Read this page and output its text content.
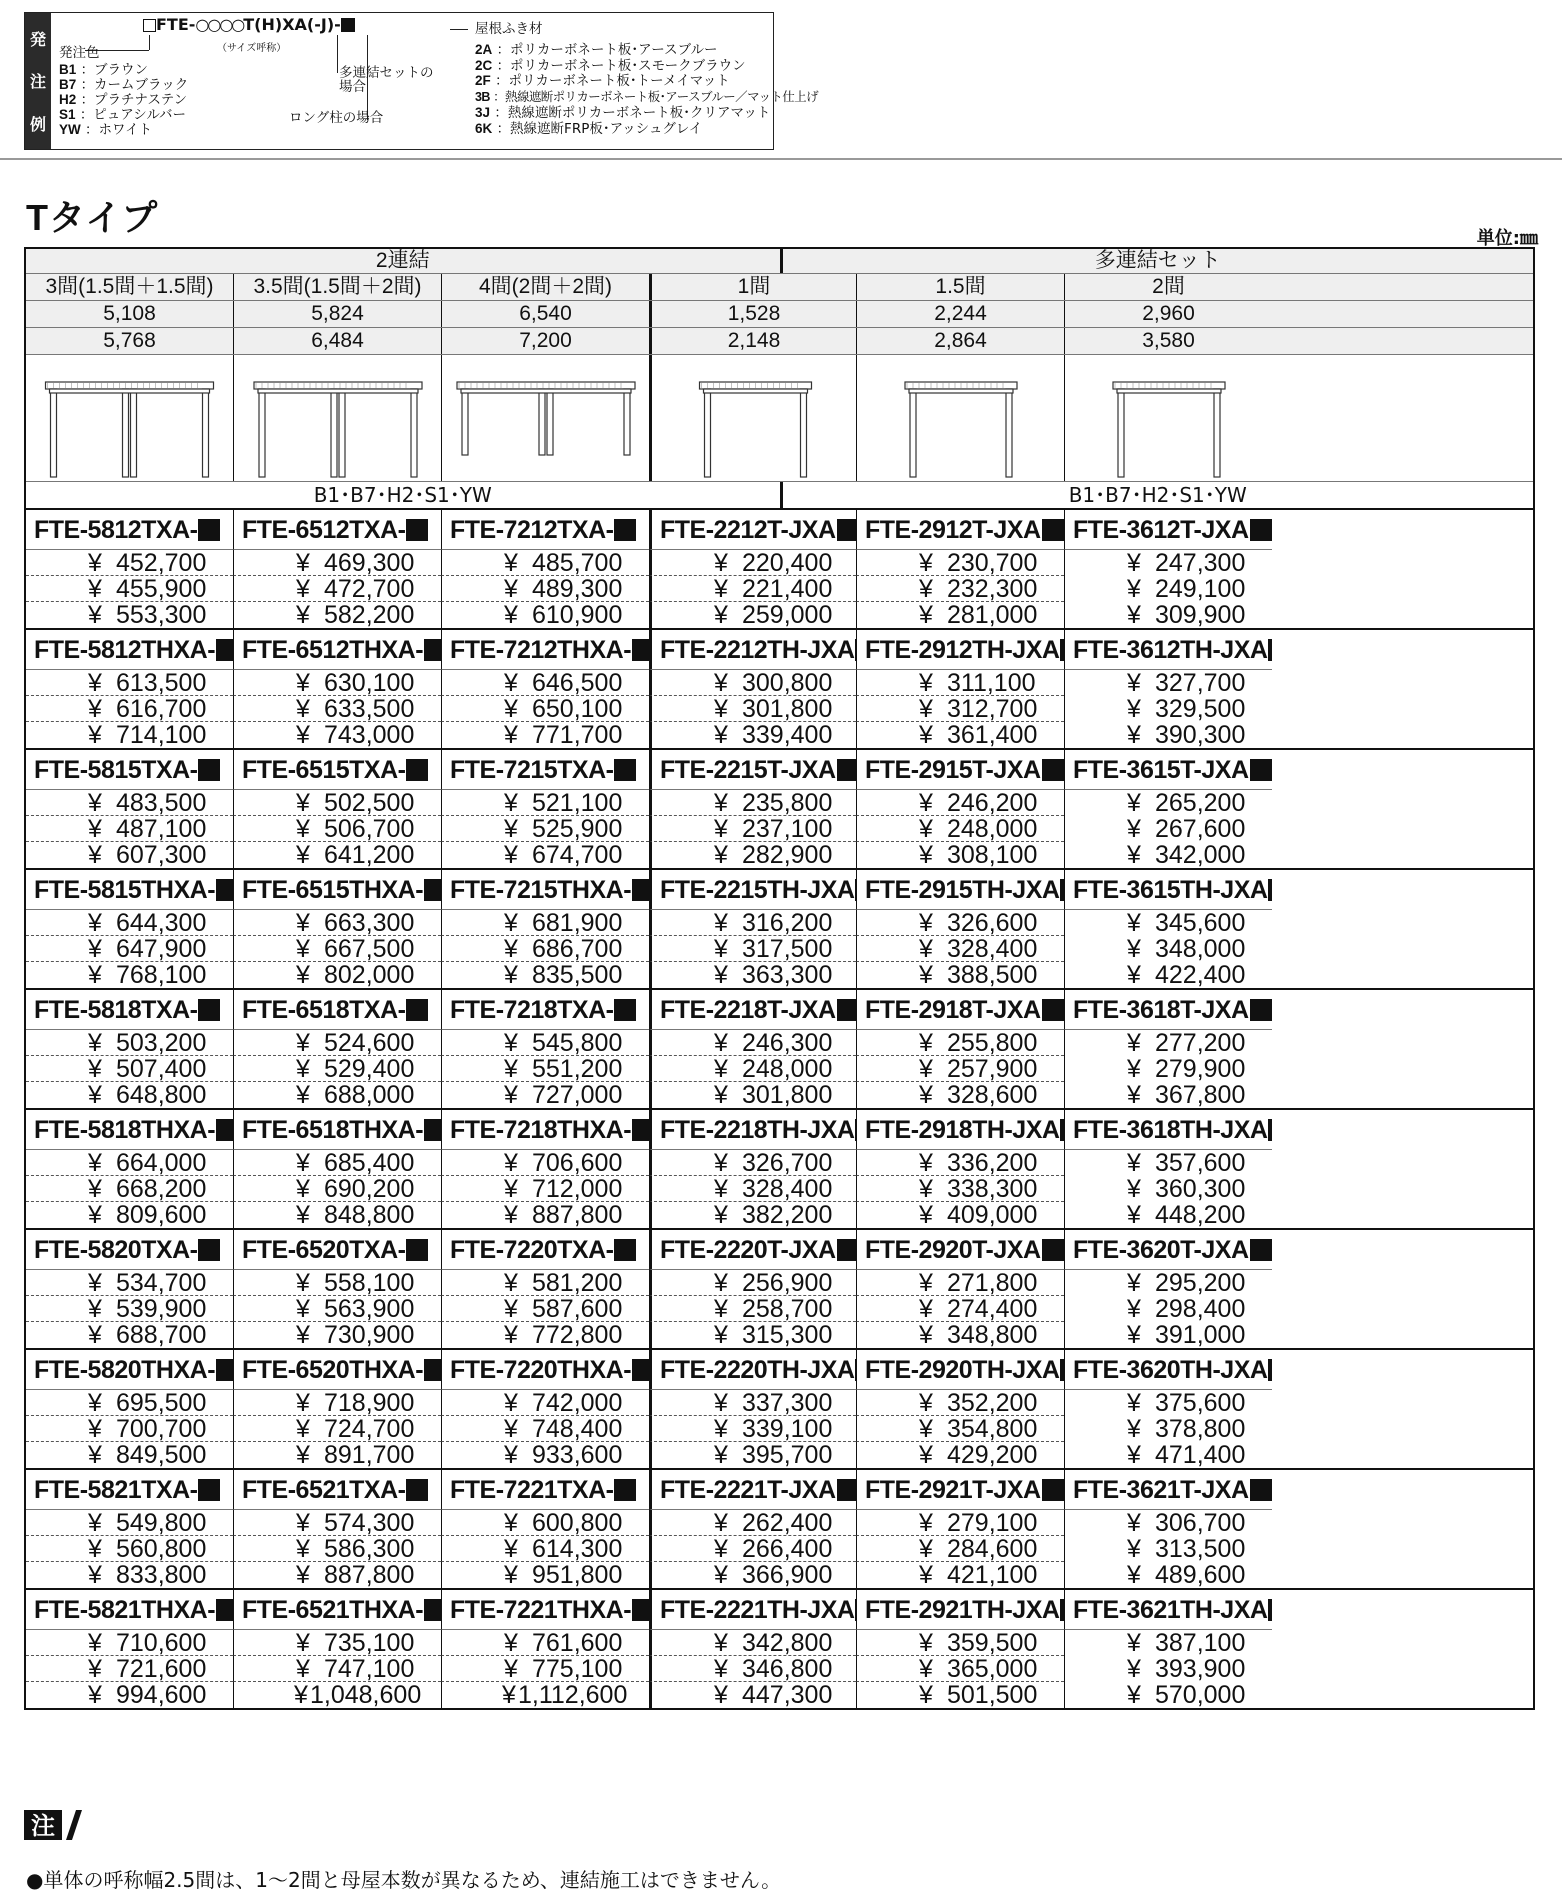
発
注
例
FTE-○○○○T(H)XA(-J)-
（サイズ呼称）
発注色
B1 ：ブラウン
B7 ：カームブラック
H2 ：プラチナステン
S1 ：ピュアシルバー
YW ：ホワイト
多連結セットの
場合
ロング柱の場合
屋根ふき材
2A ：ポリカーボネート板･アースブルー
2C ：ポリカーボネート板･スモークブラウン
2F ：ポリカーボネート板･トーメイマット
3B ：熱線遮断ポリカーボネート板･アースブルー／マット仕上げ
3J ：熱線遮断ポリカーボネート板･クリアマット
6K ：熱線遮断FRP板･アッシュグレイ
Tタイプ
単位:㎜
2連結	多連結セット
3間(1.5間＋1.5間)	3.5間(1.5間＋2間)	4間(2間＋2間)	1間	1.5間	2間
5,108	5,824	6,540	1,528	2,244	2,960
5,768	6,484	7,200	2,148	2,864	3,580
B1･B7･H2･S1･YW	B1･B7･H2･S1･YW
FTE-5812TXA-	FTE-6512TXA-	FTE-7212TXA-	FTE-2212T-JXA	FTE-2912T-JXA	FTE-3612T-JXA
¥ 452,700	¥ 469,300	¥ 485,700	¥ 220,400	¥ 230,700	¥ 247,300
¥ 455,900	¥ 472,700	¥ 489,300	¥ 221,400	¥ 232,300	¥ 249,100
¥ 553,300	¥ 582,200	¥ 610,900	¥ 259,000	¥ 281,000	¥ 309,900
FTE-5812THXA-	FTE-6512THXA-	FTE-7212THXA-	FTE-2212TH-JXA FTE-2912TH-JXA FTE-3612TH-JXA
¥ 613,500	¥ 630,100	¥ 646,500	¥ 300,800	¥ 311,100	¥ 327,700
¥ 616,700	¥ 633,500	¥ 650,100	¥ 301,800	¥ 312,700	¥ 329,500
¥ 714,100	¥ 743,000	¥ 771,700	¥ 339,400	¥ 361,400	¥ 390,300
FTE-5815TXA-	FTE-6515TXA-	FTE-7215TXA-	FTE-2215T-JXA	FTE-2915T-JXA	FTE-3615T-JXA
¥ 483,500	¥ 502,500	¥ 521,100	¥ 235,800	¥ 246,200	¥ 265,200
¥ 487,100	¥ 506,700	¥ 525,900	¥ 237,100	¥ 248,000	¥ 267,600
¥ 607,300	¥ 641,200	¥ 674,700	¥ 282,900	¥ 308,100	¥ 342,000
FTE-5815THXA-	FTE-6515THXA-	FTE-7215THXA-	FTE-2215TH-JXA FTE-2915TH-JXA FTE-3615TH-JXA
¥ 644,300	¥ 663,300	¥ 681,900	¥ 316,200	¥ 326,600	¥ 345,600
¥ 647,900	¥ 667,500	¥ 686,700	¥ 317,500	¥ 328,400	¥ 348,000
¥ 768,100	¥ 802,000	¥ 835,500	¥ 363,300	¥ 388,500	¥ 422,400
FTE-5818TXA-	FTE-6518TXA-	FTE-7218TXA-	FTE-2218T-JXA	FTE-2918T-JXA	FTE-3618T-JXA
¥ 503,200	¥ 524,600	¥ 545,800	¥ 246,300	¥ 255,800	¥ 277,200
¥ 507,400	¥ 529,400	¥ 551,200	¥ 248,000	¥ 257,900	¥ 279,900
¥ 648,800	¥ 688,000	¥ 727,000	¥ 301,800	¥ 328,600	¥ 367,800
FTE-5818THXA-	FTE-6518THXA-	FTE-7218THXA-	FTE-2218TH-JXA FTE-2918TH-JXA FTE-3618TH-JXA
¥ 664,000	¥ 685,400	¥ 706,600	¥ 326,700	¥ 336,200	¥ 357,600
¥ 668,200	¥ 690,200	¥ 712,000	¥ 328,400	¥ 338,300	¥ 360,300
¥ 809,600	¥ 848,800	¥ 887,800	¥ 382,200	¥ 409,000	¥ 448,200
FTE-5820TXA-	FTE-6520TXA-	FTE-7220TXA-	FTE-2220T-JXA	FTE-2920T-JXA	FTE-3620T-JXA
¥ 534,700	¥ 558,100	¥ 581,200	¥ 256,900	¥ 271,800	¥ 295,200
¥ 539,900	¥ 563,900	¥ 587,600	¥ 258,700	¥ 274,400	¥ 298,400
¥ 688,700	¥ 730,900	¥ 772,800	¥ 315,300	¥ 348,800	¥ 391,000
FTE-5820THXA-	FTE-6520THXA-	FTE-7220THXA-	FTE-2220TH-JXA FTE-2920TH-JXA FTE-3620TH-JXA
¥ 695,500	¥ 718,900	¥ 742,000	¥ 337,300	¥ 352,200	¥ 375,600
¥ 700,700	¥ 724,700	¥ 748,400	¥ 339,100	¥ 354,800	¥ 378,800
¥ 849,500	¥ 891,700	¥ 933,600	¥ 395,700	¥ 429,200	¥ 471,400
FTE-5821TXA-	FTE-6521TXA-	FTE-7221TXA-	FTE-2221T-JXA	FTE-2921T-JXA	FTE-3621T-JXA
¥ 549,800	¥ 574,300	¥ 600,800	¥ 262,400	¥ 279,100	¥ 306,700
¥ 560,800	¥ 586,300	¥ 614,300	¥ 266,400	¥ 284,600	¥ 313,500
¥ 833,800	¥ 887,800	¥ 951,800	¥ 366,900	¥ 421,100	¥ 489,600
FTE-5821THXA-	FTE-6521THXA-	FTE-7221THXA-	FTE-2221TH-JXA FTE-2921TH-JXA FTE-3621TH-JXA
¥ 710,600	¥ 735,100	¥ 761,600	¥ 342,800	¥ 359,500	¥ 387,100
¥ 721,600	¥ 747,100	¥ 775,100	¥ 346,800	¥ 365,000	¥ 393,900
¥ 994,600	¥ 1,048,600	¥ 1,112,600	¥ 447,300	¥ 501,500	¥ 570,000
注
●単体の呼称幅2.5間は、1～2間と母屋本数が異なるため、連結施工はできません。
